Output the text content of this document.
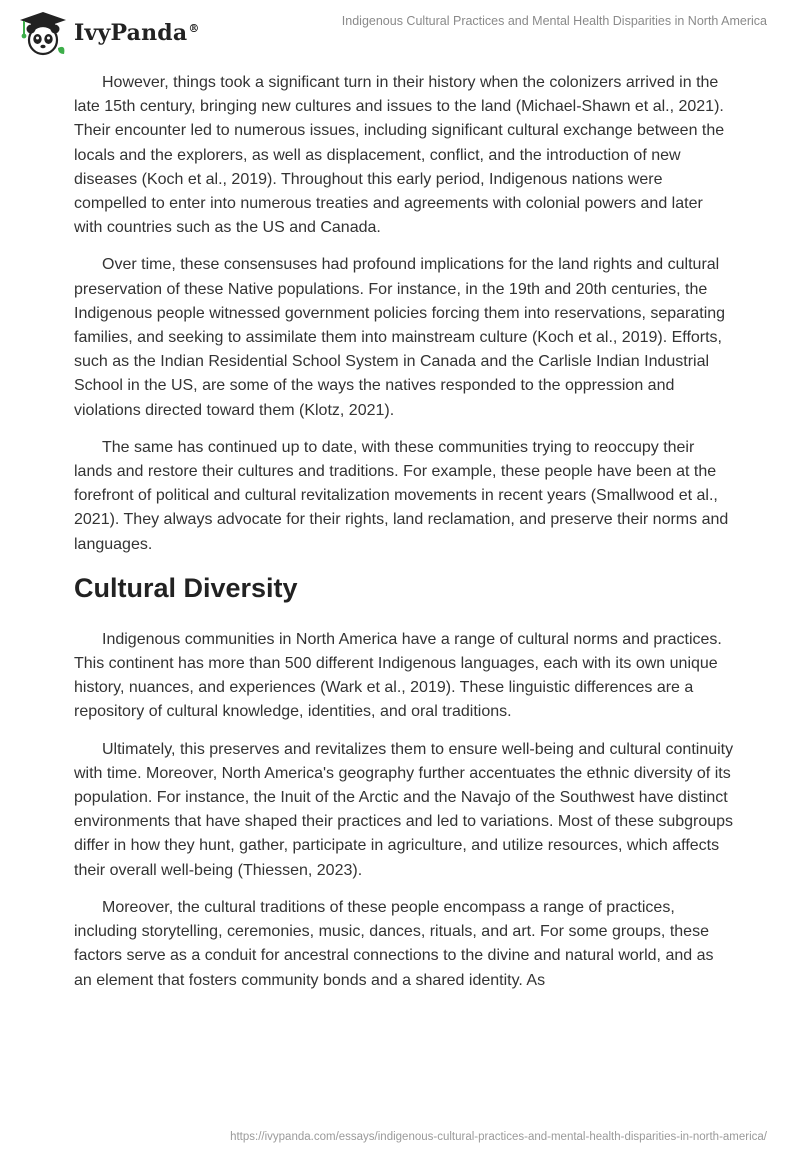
IvyPanda®
Indigenous Cultural Practices and Mental Health Disparities in North America

However, things took a significant turn in their history when the colonizers arrived in the late 15th century, bringing new cultures and issues to the land (Michael-Shawn et al., 2021). Their encounter led to numerous issues, including significant cultural exchange between the locals and the explorers, as well as displacement, conflict, and the introduction of new diseases (Koch et al., 2019). Throughout this early period, Indigenous nations were compelled to enter into numerous treaties and agreements with colonial powers and later with countries such as the US and Canada.

Over time, these consensuses had profound implications for the land rights and cultural preservation of these Native populations. For instance, in the 19th and 20th centuries, the Indigenous people witnessed government policies forcing them into reservations, separating families, and seeking to assimilate them into mainstream culture (Koch et al., 2019). Efforts, such as the Indian Residential School System in Canada and the Carlisle Indian Industrial School in the US, are some of the ways the natives responded to the oppression and violations directed toward them (Klotz, 2021).

The same has continued up to date, with these communities trying to reoccupy their lands and restore their cultures and traditions. For example, these people have been at the forefront of political and cultural revitalization movements in recent years (Smallwood et al., 2021). They always advocate for their rights, land reclamation, and preserve their norms and languages.

Cultural Diversity

Indigenous communities in North America have a range of cultural norms and practices. This continent has more than 500 different Indigenous languages, each with its own unique history, nuances, and experiences (Wark et al., 2019). These linguistic differences are a repository of cultural knowledge, identities, and oral traditions.

Ultimately, this preserves and revitalizes them to ensure well-being and cultural continuity with time. Moreover, North America's geography further accentuates the ethnic diversity of its population. For instance, the Inuit of the Arctic and the Navajo of the Southwest have distinct environments that have shaped their practices and led to variations. Most of these subgroups differ in how they hunt, gather, participate in agriculture, and utilize resources, which affects their overall well-being (Thiessen, 2023).

Moreover, the cultural traditions of these people encompass a range of practices, including storytelling, ceremonies, music, dances, rituals, and art. For some groups, these factors serve as a conduit for ancestral connections to the divine and natural world, and as an element that fosters community bonds and a shared identity. As

https://ivypanda.com/essays/indigenous-cultural-practices-and-mental-health-disparities-in-north-america/
